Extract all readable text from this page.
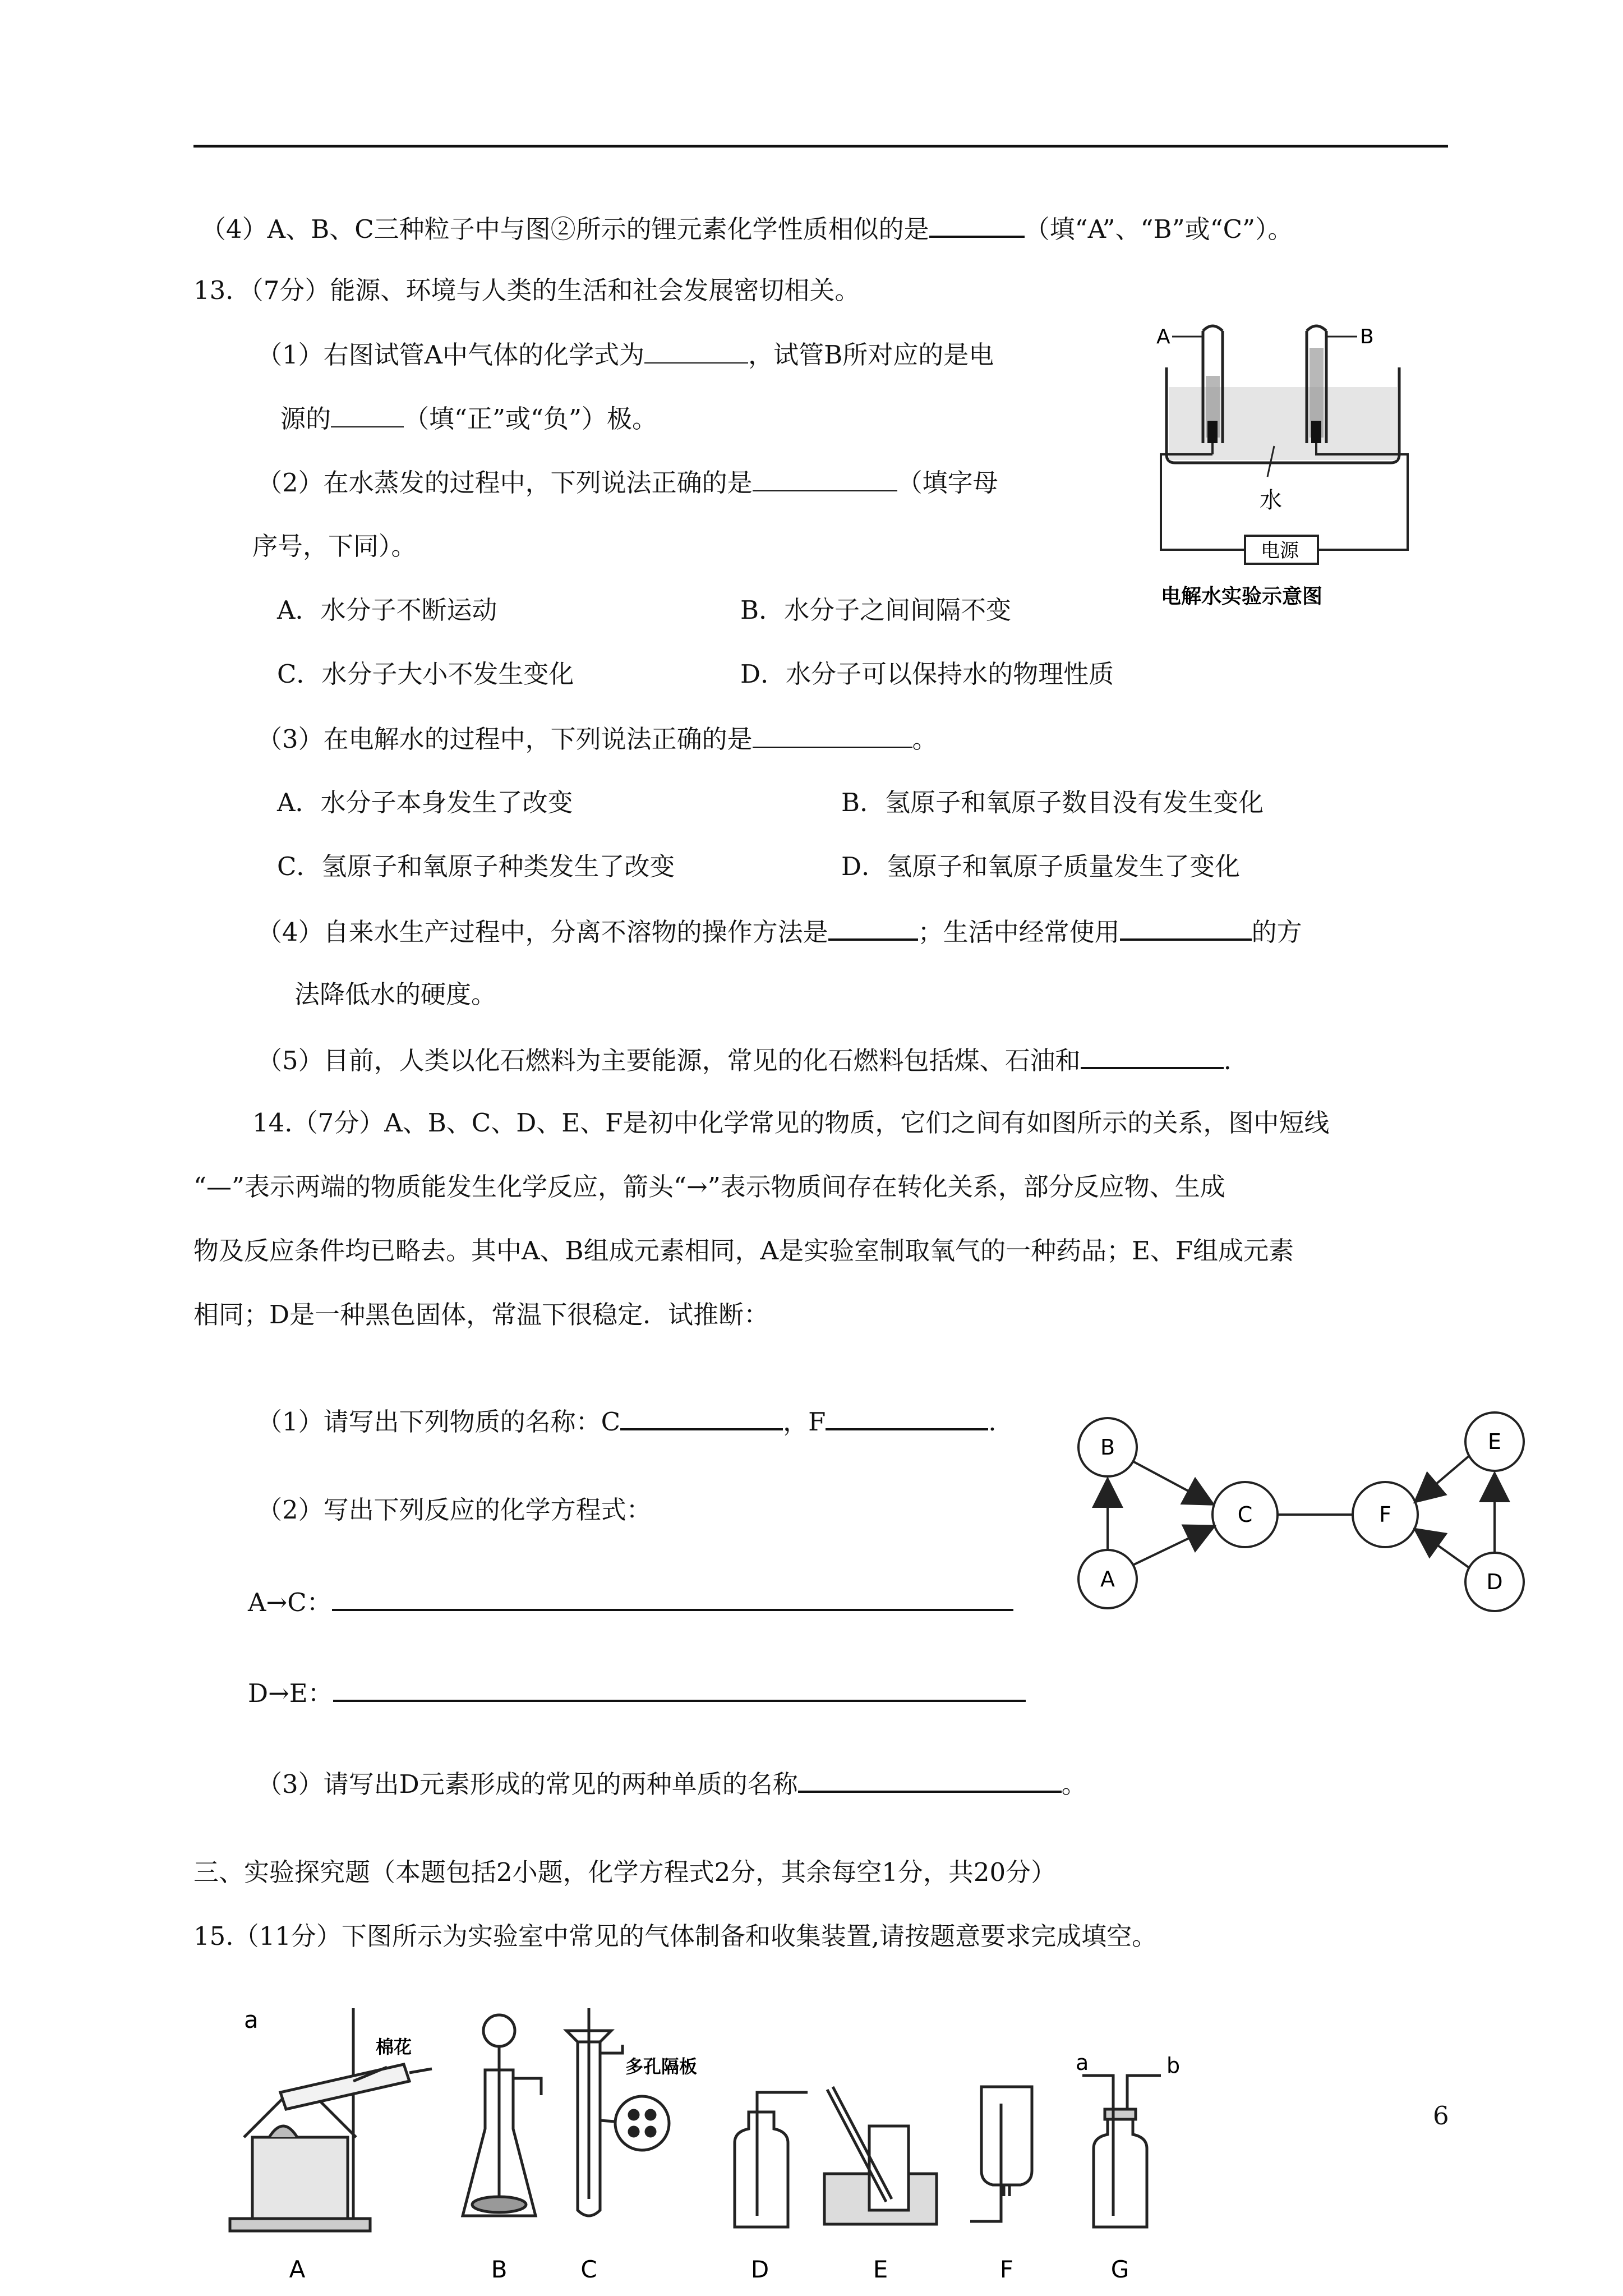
（4）A、B、C三种粒子中与图②所示的锂元素化学性质相似的是	（填“A”、“B”或“C”）。
13．（7分）能源、环境与人类的生活和社会发展密切相关。
（1）右图试管A中气体的化学式为	，试管B所对应的是电
源的	（填“正”或“负”）极。
（2）在水蒸发的过程中，下列说法正确的是	（填字母
序号，下同）。
A．水分子不断运动	B．水分子之间间隔不变
C．水分子大小不发生变化	D．水分子可以保持水的物理性质
（3）在电解水的过程中，下列说法正确的是	。
A．水分子本身发生了改变	B．氢原子和氧原子数目没有发生变化
C．氢原子和氧原子种类发生了改变	D．氢原子和氧原子质量发生了变化
（4）自来水生产过程中，分离不溶物的操作方法是	；生活中经常使用	的方
法降低水的硬度。
（5）目前，人类以化石燃料为主要能源，常见的化石燃料包括煤、石油和	.
A	B
水
电源
电解水实验示意图
14.（7分）A、B、C、D、E、F是初中化学常见的物质，它们之间有如图所示的关系，图中短线
“—”表示两端的物质能发生化学反应，箭头“→”表示物质间存在转化关系，部分反应物、生成
物及反应条件均已略去。其中A、B组成元素相同，A是实验室制取氧气的一种药品；E、F组成元素
相同；D是一种黑色固体，常温下很稳定．试推断：
（1）请写出下列物质的名称：C	，F	.
（2）写出下列反应的化学方程式：
A→C：
D→E：
（3）请写出D元素形成的常见的两种单质的名称	。
B
A
C	F
E
D
三、实验探究题（本题包括2小题，化学方程式2分，其余每空1分，共20分）
15.（11分）下图所示为实验室中常见的气体制备和收集装置,请按题意要求完成填空。
a
棉花
多孔隔板	a	b
A	B	C	D	E	F	G
6
